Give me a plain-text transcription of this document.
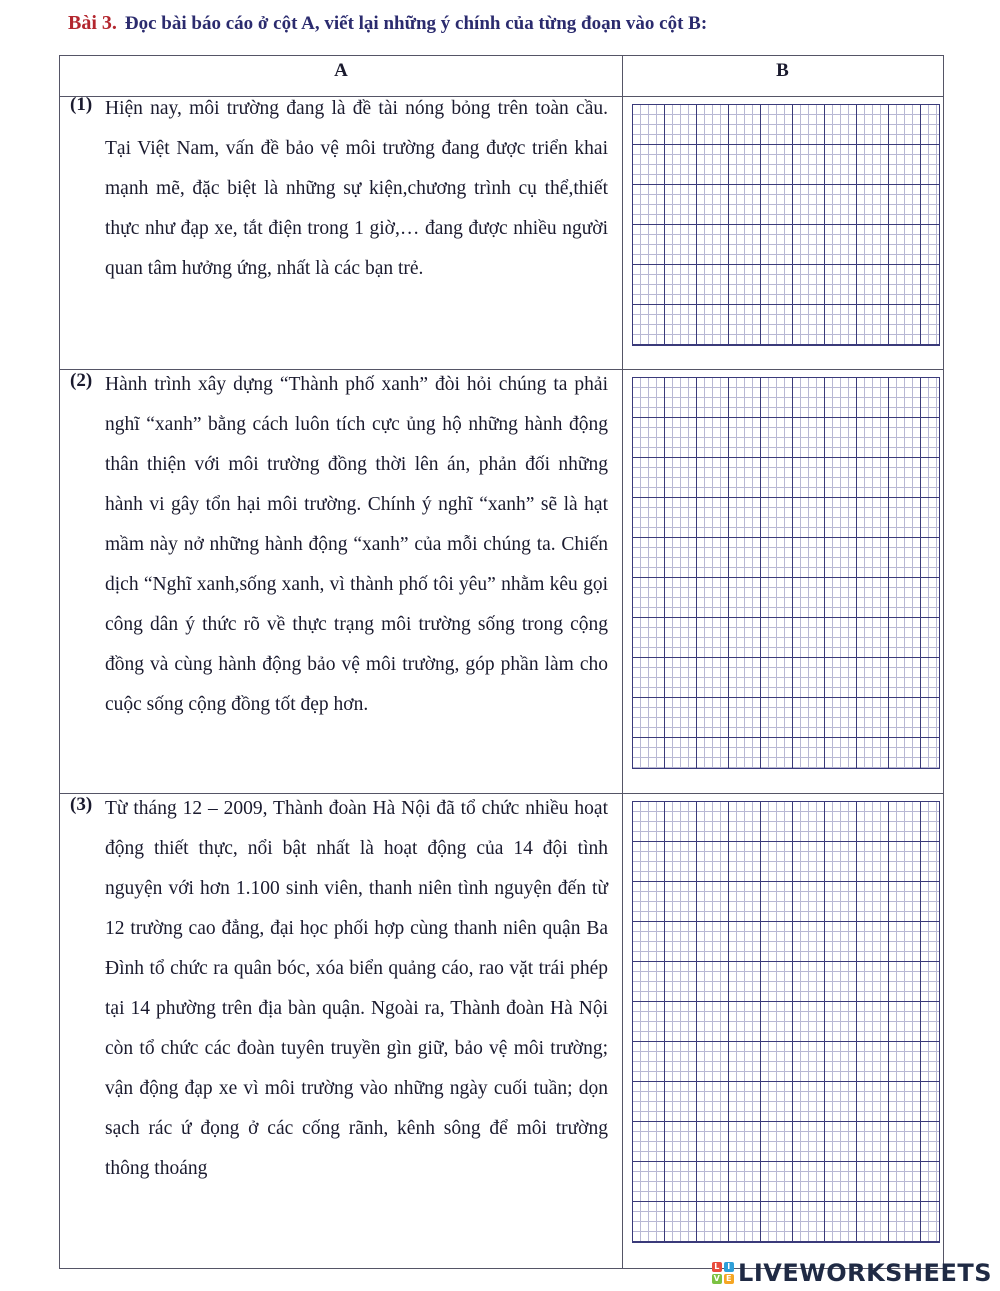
Bài 3. Đọc bài báo cáo ở cột A, viết lại những ý chính của từng đoạn vào cột B:
A	B
(1) Hiện nay, môi trường đang là đề tài nóng bỏng trên toàn cầu. Tại Việt Nam, vấn đề bảo vệ môi trường đang được triển khai mạnh mẽ, đặc biệt là những sự kiện,chương trình cụ thể,thiết thực như đạp xe, tắt điện trong 1 giờ,… đang được nhiều người quan tâm hưởng ứng, nhất là các bạn trẻ.
(2) Hành trình xây dựng “Thành phố xanh” đòi hỏi chúng ta phải nghĩ “xanh” bằng cách luôn tích cực ủng hộ những hành động thân thiện với môi trường đồng thời lên án, phản đối những hành vi gây tổn hại môi trường. Chính ý nghĩ “xanh” sẽ là hạt mầm này nở những hành động “xanh” của mỗi chúng ta. Chiến dịch “Nghĩ xanh,sống xanh, vì thành phố tôi yêu” nhằm kêu gọi công dân ý thức rõ về thực trạng môi trường sống trong cộng đồng và cùng hành động bảo vệ môi trường, góp phần làm cho cuộc sống cộng đồng tốt đẹp hơn.
(3) Từ tháng 12 – 2009, Thành đoàn Hà Nội đã tổ chức nhiều hoạt động thiết thực, nổi bật nhất là hoạt động của 14 đội tình nguyện với hơn 1.100 sinh viên, thanh niên tình nguyện đến từ 12 trường cao đẳng, đại học phối hợp cùng thanh niên quận Ba Đình tổ chức ra quân bóc, xóa biển quảng cáo, rao vặt trái phép tại 14 phường trên địa bàn quận. Ngoài ra, Thành đoàn Hà Nội còn tổ chức các đoàn tuyên truyền gìn giữ, bảo vệ môi trường; vận động đạp xe vì môi trường vào những ngày cuối tuần; dọn sạch rác ứ đọng ở các cống rãnh, kênh sông để môi trường thông thoáng
L I
V E LIVEWORKSHEETS
